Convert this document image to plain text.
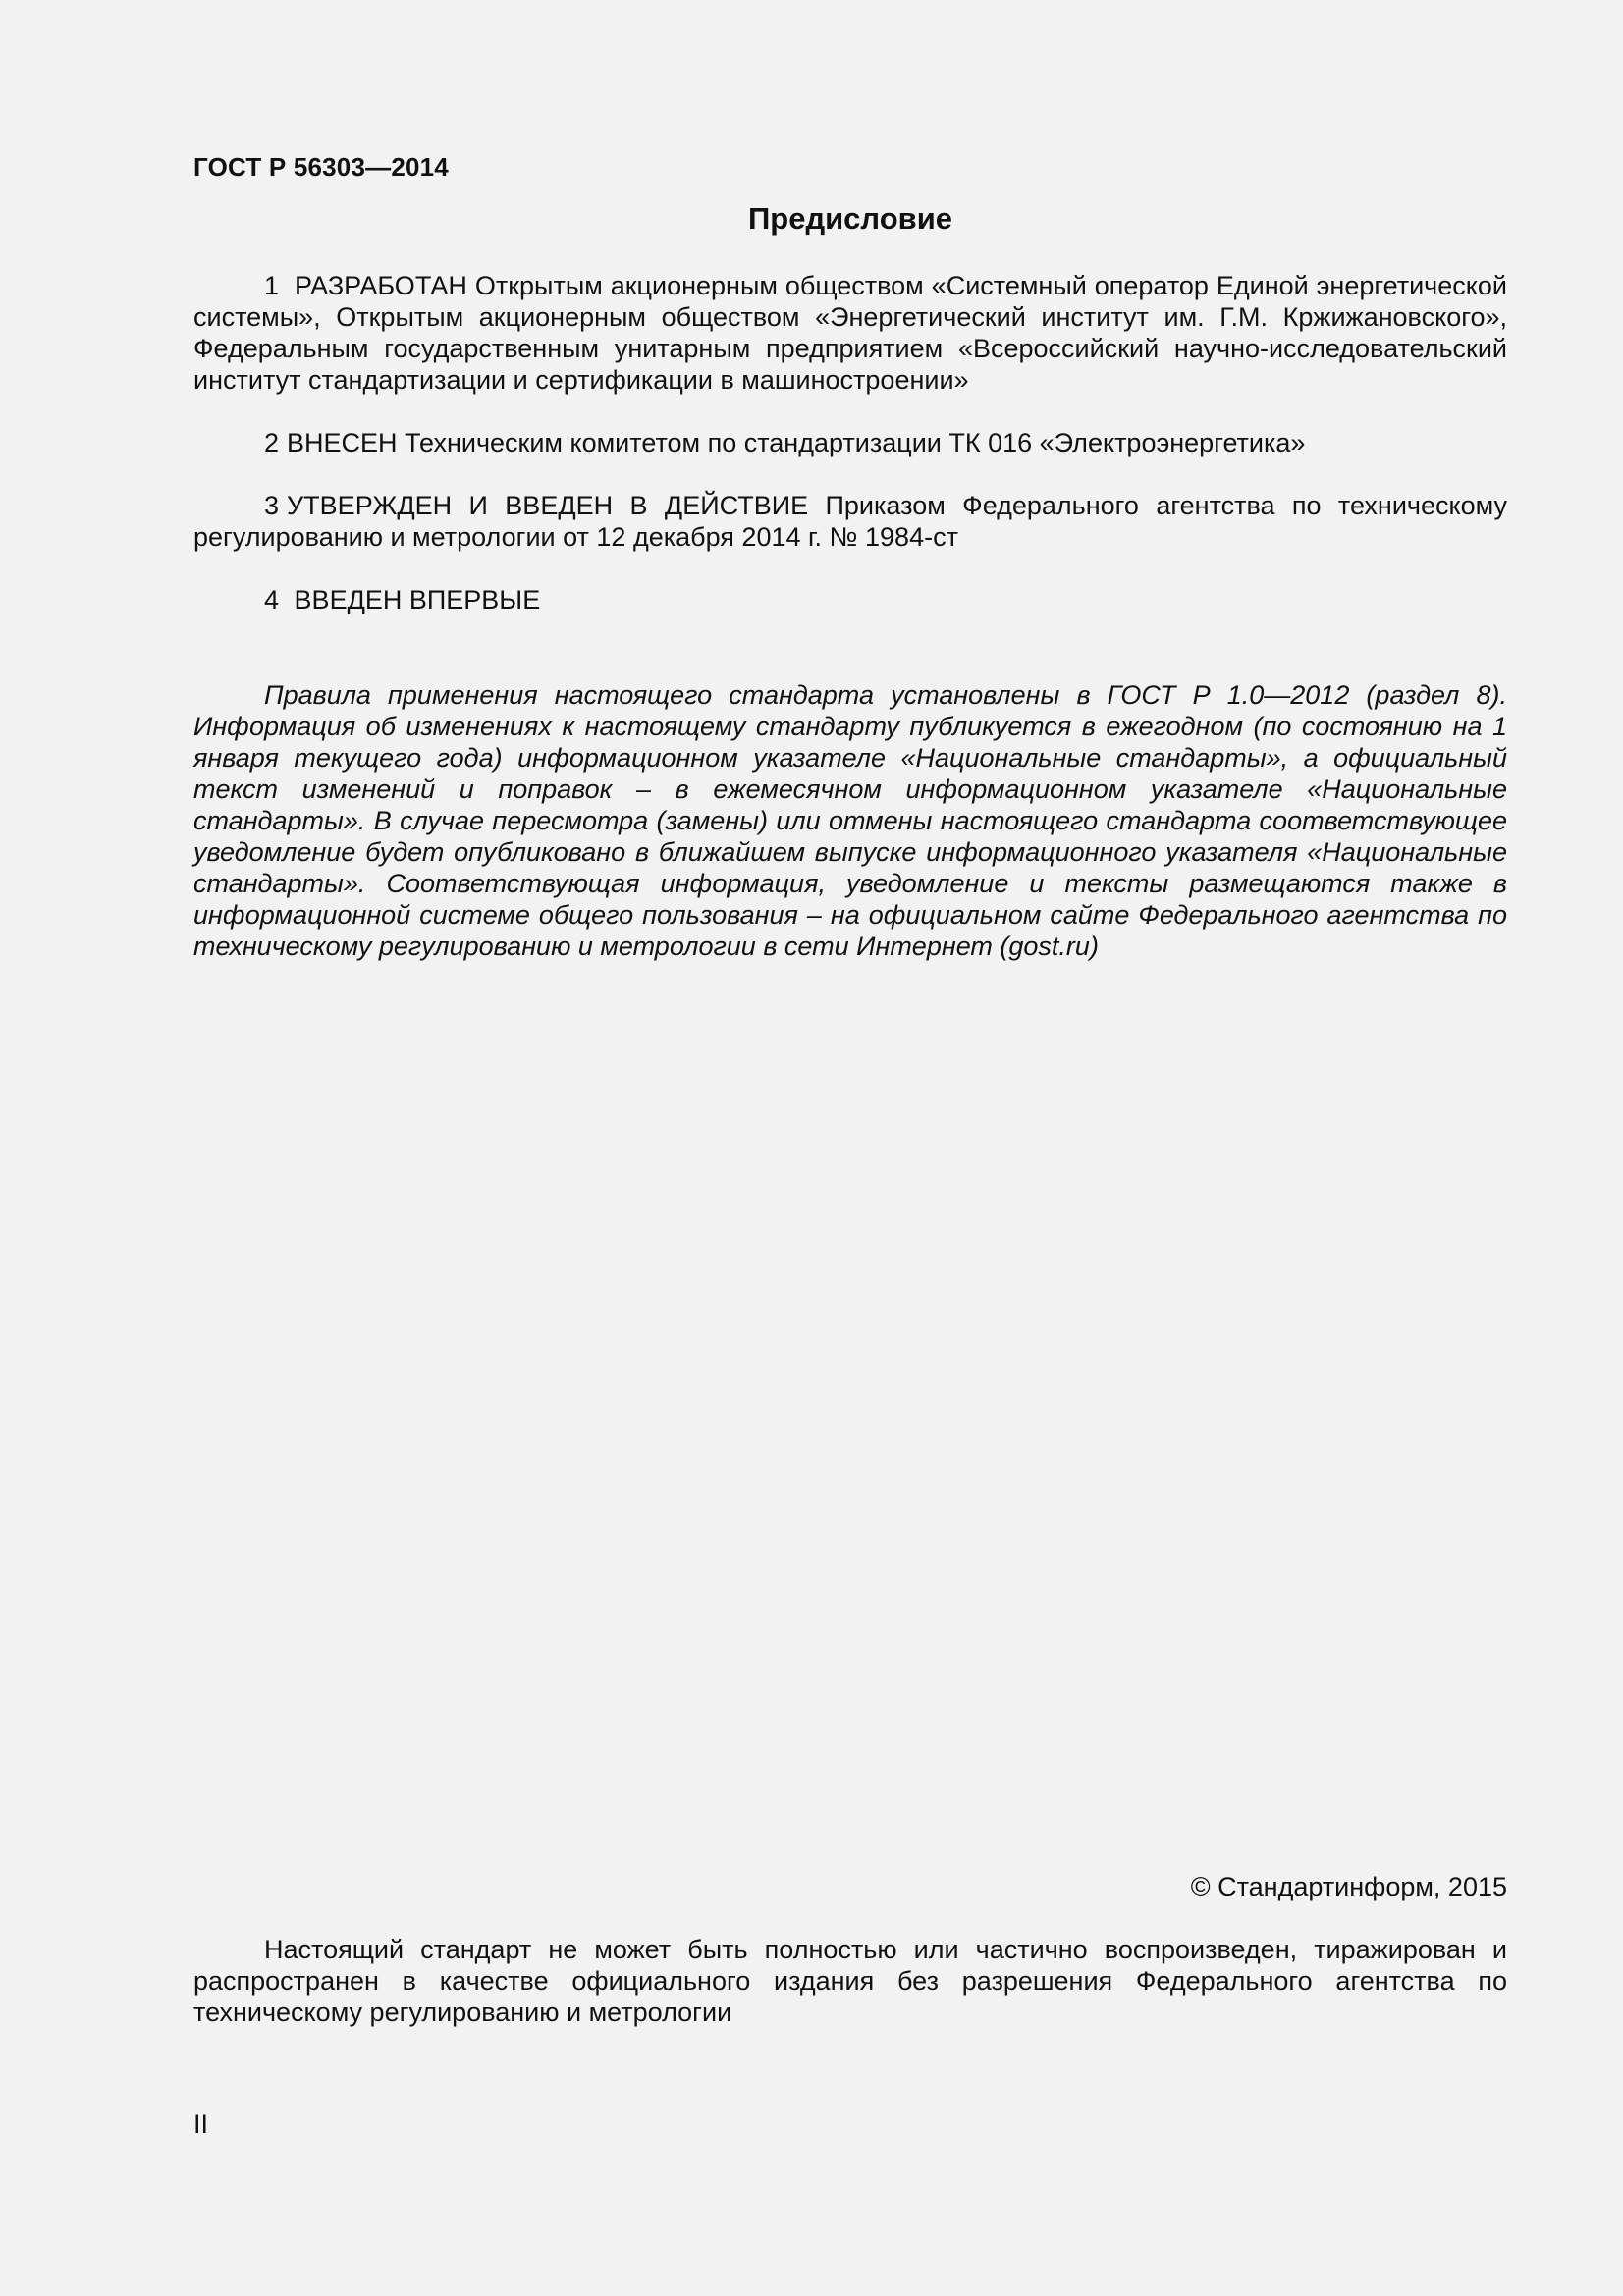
ГОСТ Р 56303—2014
Предисловие

1 РАЗРАБОТАН Открытым акционерным обществом «Системный оператор Единой энергетической системы», Открытым акционерным обществом «Энергетический институт им. Г.М. Кржижановского», Федеральным государственным унитарным предприятием «Всероссийский научно-исследовательский институт стандартизации и сертификации в машиностроении»

2 ВНЕСЕН Техническим комитетом по стандартизации ТК 016 «Электроэнергетика»

3 УТВЕРЖДЕН И ВВЕДЕН В ДЕЙСТВИЕ Приказом Федерального агентства по техническому регулированию и метрологии от 12 декабря 2014 г. № 1984-ст

4 ВВЕДЕН ВПЕРВЫЕ

Правила применения настоящего стандарта установлены в ГОСТ Р 1.0—2012 (раздел 8). Информация об изменениях к настоящему стандарту публикуется в ежегодном (по состоянию на 1 января текущего года) информационном указателе «Национальные стандарты», а официальный текст изменений и поправок – в ежемесячном информационном указателе «Национальные стандарты». В случае пересмотра (замены) или отмены настоящего стандарта соответствующее уведомление будет опубликовано в ближайшем выпуске информационного указателя «Национальные стандарты». Соответствующая информация, уведомление и тексты размещаются также в информационной системе общего пользования – на официальном сайте Федерального агентства по техническому регулированию и метрологии в сети Интернет (gost.ru)

© Стандартинформ, 2015

Настоящий стандарт не может быть полностью или частично воспроизведен, тиражирован и распространен в качестве официального издания без разрешения Федерального агентства по техническому регулированию и метрологии

II
